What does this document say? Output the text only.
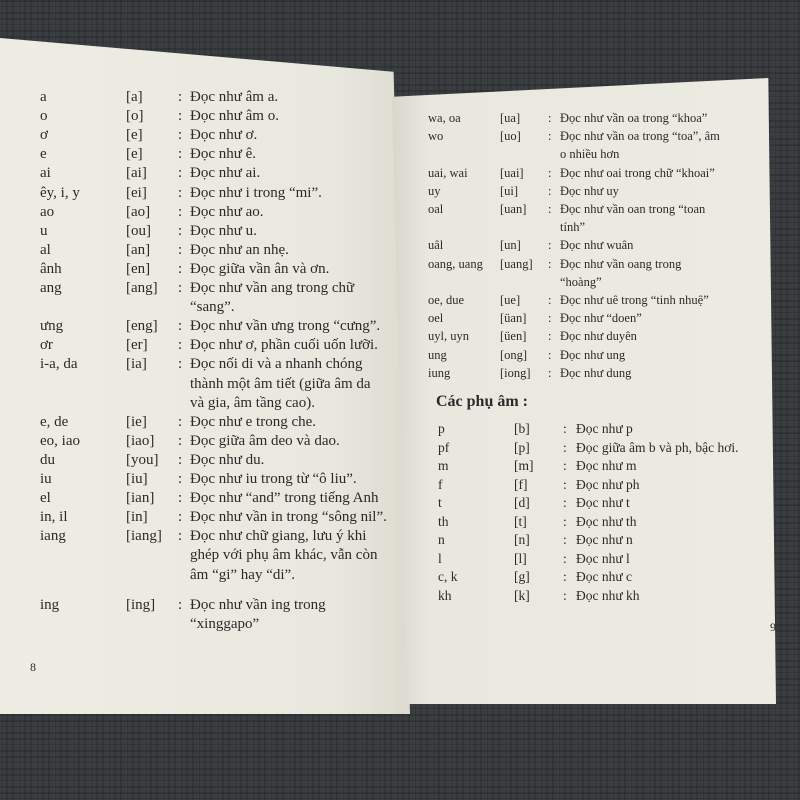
a	[a] : Đọc như âm a.
o	[o] : Đọc như âm o.
ơ	[e] : Đọc như ơ.
e	[e] : Đọc như ê.
ai	[ai] : Đọc như ai.
êy, i, y	[ei] : Đọc như i trong “mi”.
ao	[ao] : Đọc như ao.
u	[ou] : Đọc như u.
al	[an] : Đọc như an nhẹ.
ânh	[en] : Đọc giữa vần ân và ơn.
ang	[ang] : Đọc như vần ang trong chữ
“sang”.
ưng	[eng] : Đọc như vần ưng trong “cưng”.
ơr	[er] : Đọc như ơ, phần cuối uốn lưỡi.
i-a, da	[ia] : Đọc nối di và a nhanh chóng
thành một âm tiết (giữa âm da
và gia, âm tầng cao).
e, de	[ie] : Đọc như e trong che.
eo, iao	[iao] : Đọc giữa âm deo và dao.
du	[you] : Đọc như du.
iu	[iu] : Đọc như iu trong từ “ô liu”.
el	[ian] : Đọc như “and” trong tiếng Anh
in, il	[in] : Đọc như vần in trong “sông nil”.
iang	[iang] : Đọc như chữ giang, lưu ý khi
ghép với phụ âm khác, vẫn còn
âm “gi” hay “di”.
ing	[ing] : Đọc như vần ing trong
“xinggapo”
wa, oa	[ua] : Đọc như vần oa trong “khoa”
wo	[uo] : Đọc như vần oa trong “toa”, âm
o nhiều hơn
uai, wai	[uai] : Đọc như oai trong chữ “khoai”
uy	[ui] : Đọc như uy
oal	[uan] : Đọc như vần oan trong “toan
tính”
uâl	[un] : Đọc như wuân
oang, uang [uang] : Đọc như vần oang trong
“hoàng”
oe, due	[ue] : Đọc như uê trong “tinh nhuệ”
oel	[üan] : Đọc như “doen”
uyl, uyn [üen] : Đọc như duyên
ung	[ong] : Đọc như ung
iung	[iong] : Đọc như dung
p	[b] : Đọc như p
pf	[p] : Đọc giữa âm b và ph, bậc hơi.
m	[m] : Đọc như m
f	[f]	: Đọc như ph
t	[d] : Đọc như t
th	[t]	: Đọc như th
n	[n] : Đọc như n
l	[l]	: Đọc như l
c, k	[g] : Đọc như c
kh	[k] : Đọc như kh
8
9
Các phụ âm :
